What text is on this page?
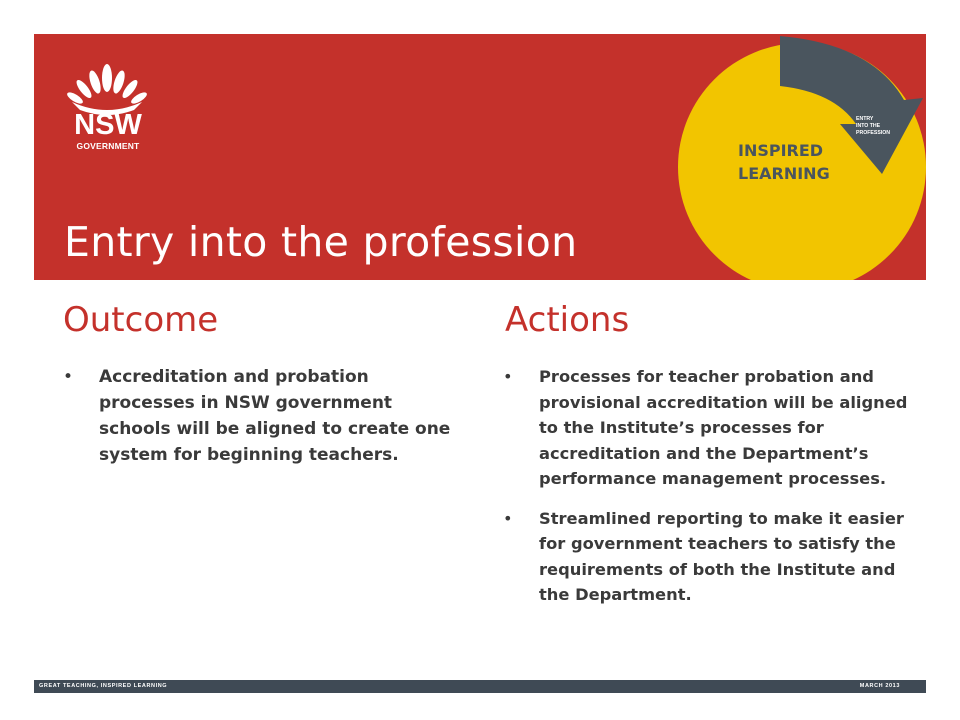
NSW
GOVERNMENT
Entry into the profession
ENTRY
INTO THE
PROFESSION
INSPIRED
LEARNING
Outcome
• Accreditation and probation processes in NSW government schools will be aligned to create one system for beginning teachers.
Actions
• Processes for teacher probation and provisional accreditation will be aligned to the Institute’s processes for accreditation and the Department’s performance management processes.
• Streamlined reporting to make it easier for government teachers to satisfy the requirements of both the Institute and the Department.
GREAT TEACHING, INSPIRED LEARNING	MARCH 2013
